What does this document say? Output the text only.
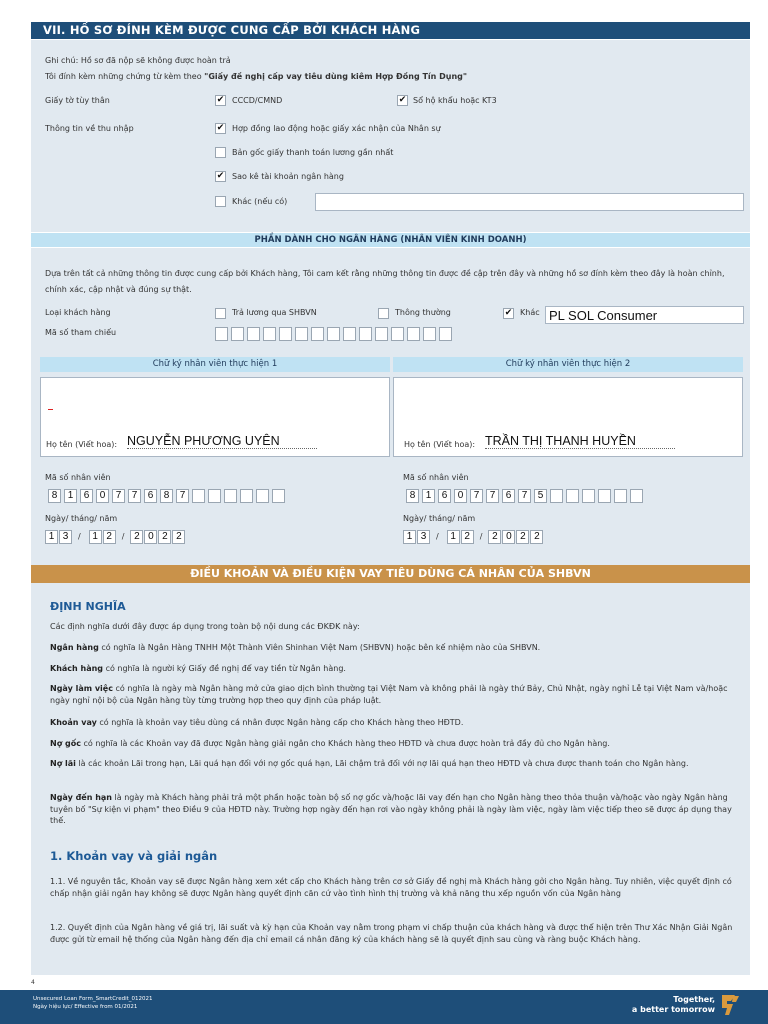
VII. HỒ SƠ ĐÍNH KÈM ĐƯỢC CUNG CẤP BỞI KHÁCH HÀNG
Ghi chú: Hồ sơ đã nộp sẽ không được hoàn trả
Tôi đính kèm những chứng từ kèm theo "Giấy đề nghị cấp vay tiêu dùng kiêm Hợp Đồng Tín Dụng"
Giấy tờ tùy thân	✔ CCCD/CMND	✔ Sổ hộ khẩu hoặc KT3
Thông tin về thu nhập	✔ Hợp đồng lao động hoặc giấy xác nhận của Nhân sự
Bản gốc giấy thanh toán lương gần nhất
✔ Sao kê tài khoản ngân hàng
Khác (nếu có)
PHẦN DÀNH CHO NGÂN HÀNG (NHÂN VIÊN KINH DOANH)
Dựa trên tất cả những thông tin được cung cấp bởi Khách hàng, Tôi cam kết rằng những thông tin được đề cập trên đây và những hồ sơ đính kèm theo đây là hoàn chỉnh, chính xác, cập nhật và đúng sự thật.
Loại khách hàng	Trả lương qua SHBVN	Thông thường	✔ Khác PL SOL Consumer
Mã số tham chiếu
Chữ ký nhân viên thực hiện 1
Họ tên (Viết hoa): NGUYỄN PHƯƠNG UYÊN
Chữ ký nhân viên thực hiện 2
Họ tên (Viết hoa): TRẦN THỊ THANH HUYỀN
Mã số nhân viên
8	1	6	0	7	7	6	8	7
Ngày/ tháng/ năm
1 3	/	1 2	/ 2 0 2 2
Mã số nhân viên
8	1	6	0	7	7	6	7	5
Ngày/ tháng/ năm
1 3	/	1 2	/ 2 0 2 2
ĐIỀU KHOẢN VÀ ĐIỀU KIỆN VAY TIÊU DÙNG CÁ NHÂN CỦA SHBVN
ĐỊNH NGHĨA
Các định nghĩa dưới đây được áp dụng trong toàn bộ nội dung các ĐKĐK này:
Ngân hàng có nghĩa là Ngân Hàng TNHH Một Thành Viên Shinhan Việt Nam (SHBVN) hoặc bên kế nhiệm nào của SHBVN.
Khách hàng có nghĩa là người ký Giấy đề nghị để vay tiền từ Ngân hàng.
Ngày làm việc có nghĩa là ngày mà Ngân hàng mở cửa giao dịch bình thường tại Việt Nam và không phải là ngày thứ Bảy, Chủ Nhật, ngày nghỉ Lễ tại Việt Nam và/hoặc ngày nghỉ nội bộ của Ngân hàng tùy từng trường hợp theo quy định của pháp luật.
Khoản vay có nghĩa là khoản vay tiêu dùng cá nhân được Ngân hàng cấp cho Khách hàng theo HĐTD.
Nợ gốc có nghĩa là các Khoản vay đã được Ngân hàng giải ngân cho Khách hàng theo HĐTD và chưa được hoàn trả đầy đủ cho Ngân hàng.
Nợ lãi là các khoản Lãi trong hạn, Lãi quá hạn đối với nợ gốc quá hạn, Lãi chậm trả đối với nợ lãi quá hạn theo HĐTD và chưa được thanh toán cho Ngân hàng.
Ngày đến hạn là ngày mà Khách hàng phải trả một phần hoặc toàn bộ số nợ gốc và/hoặc lãi vay đến hạn cho Ngân hàng theo thỏa thuận và/hoặc vào ngày Ngân hàng tuyên bố "Sự kiện vi phạm" theo Điều 9 của HĐTD này. Trường hợp ngày đến hạn rơi vào ngày không phải là ngày làm việc, ngày làm việc tiếp theo sẽ được áp dụng thay thế.
1. Khoản vay và giải ngân
1.1. Về nguyên tắc, Khoản vay sẽ được Ngân hàng xem xét cấp cho Khách hàng trên cơ sở Giấy đề nghị mà Khách hàng gởi cho Ngân hàng. Tuy nhiên, việc quyết định có chấp nhận giải ngân hay không sẽ được Ngân hàng quyết định căn cứ vào tình hình thị trường và khả năng thu xếp nguồn vốn của Ngân hàng
1.2. Quyết định của Ngân hàng về giá trị, lãi suất và kỳ hạn của Khoản vay nằm trong phạm vi chấp thuận của khách hàng và được thể hiện trên Thư Xác Nhận Giải Ngân được gửi từ email hệ thống của Ngân hàng đến địa chỉ email cá nhân đăng ký của khách hàng sẽ là quyết định sau cùng và ràng buộc Khách hàng.
4
Unsecured Loan Form_SmartCredit_012021
Ngày hiệu lực/ Effective from 01/2021
Together,
a better tomorrow
